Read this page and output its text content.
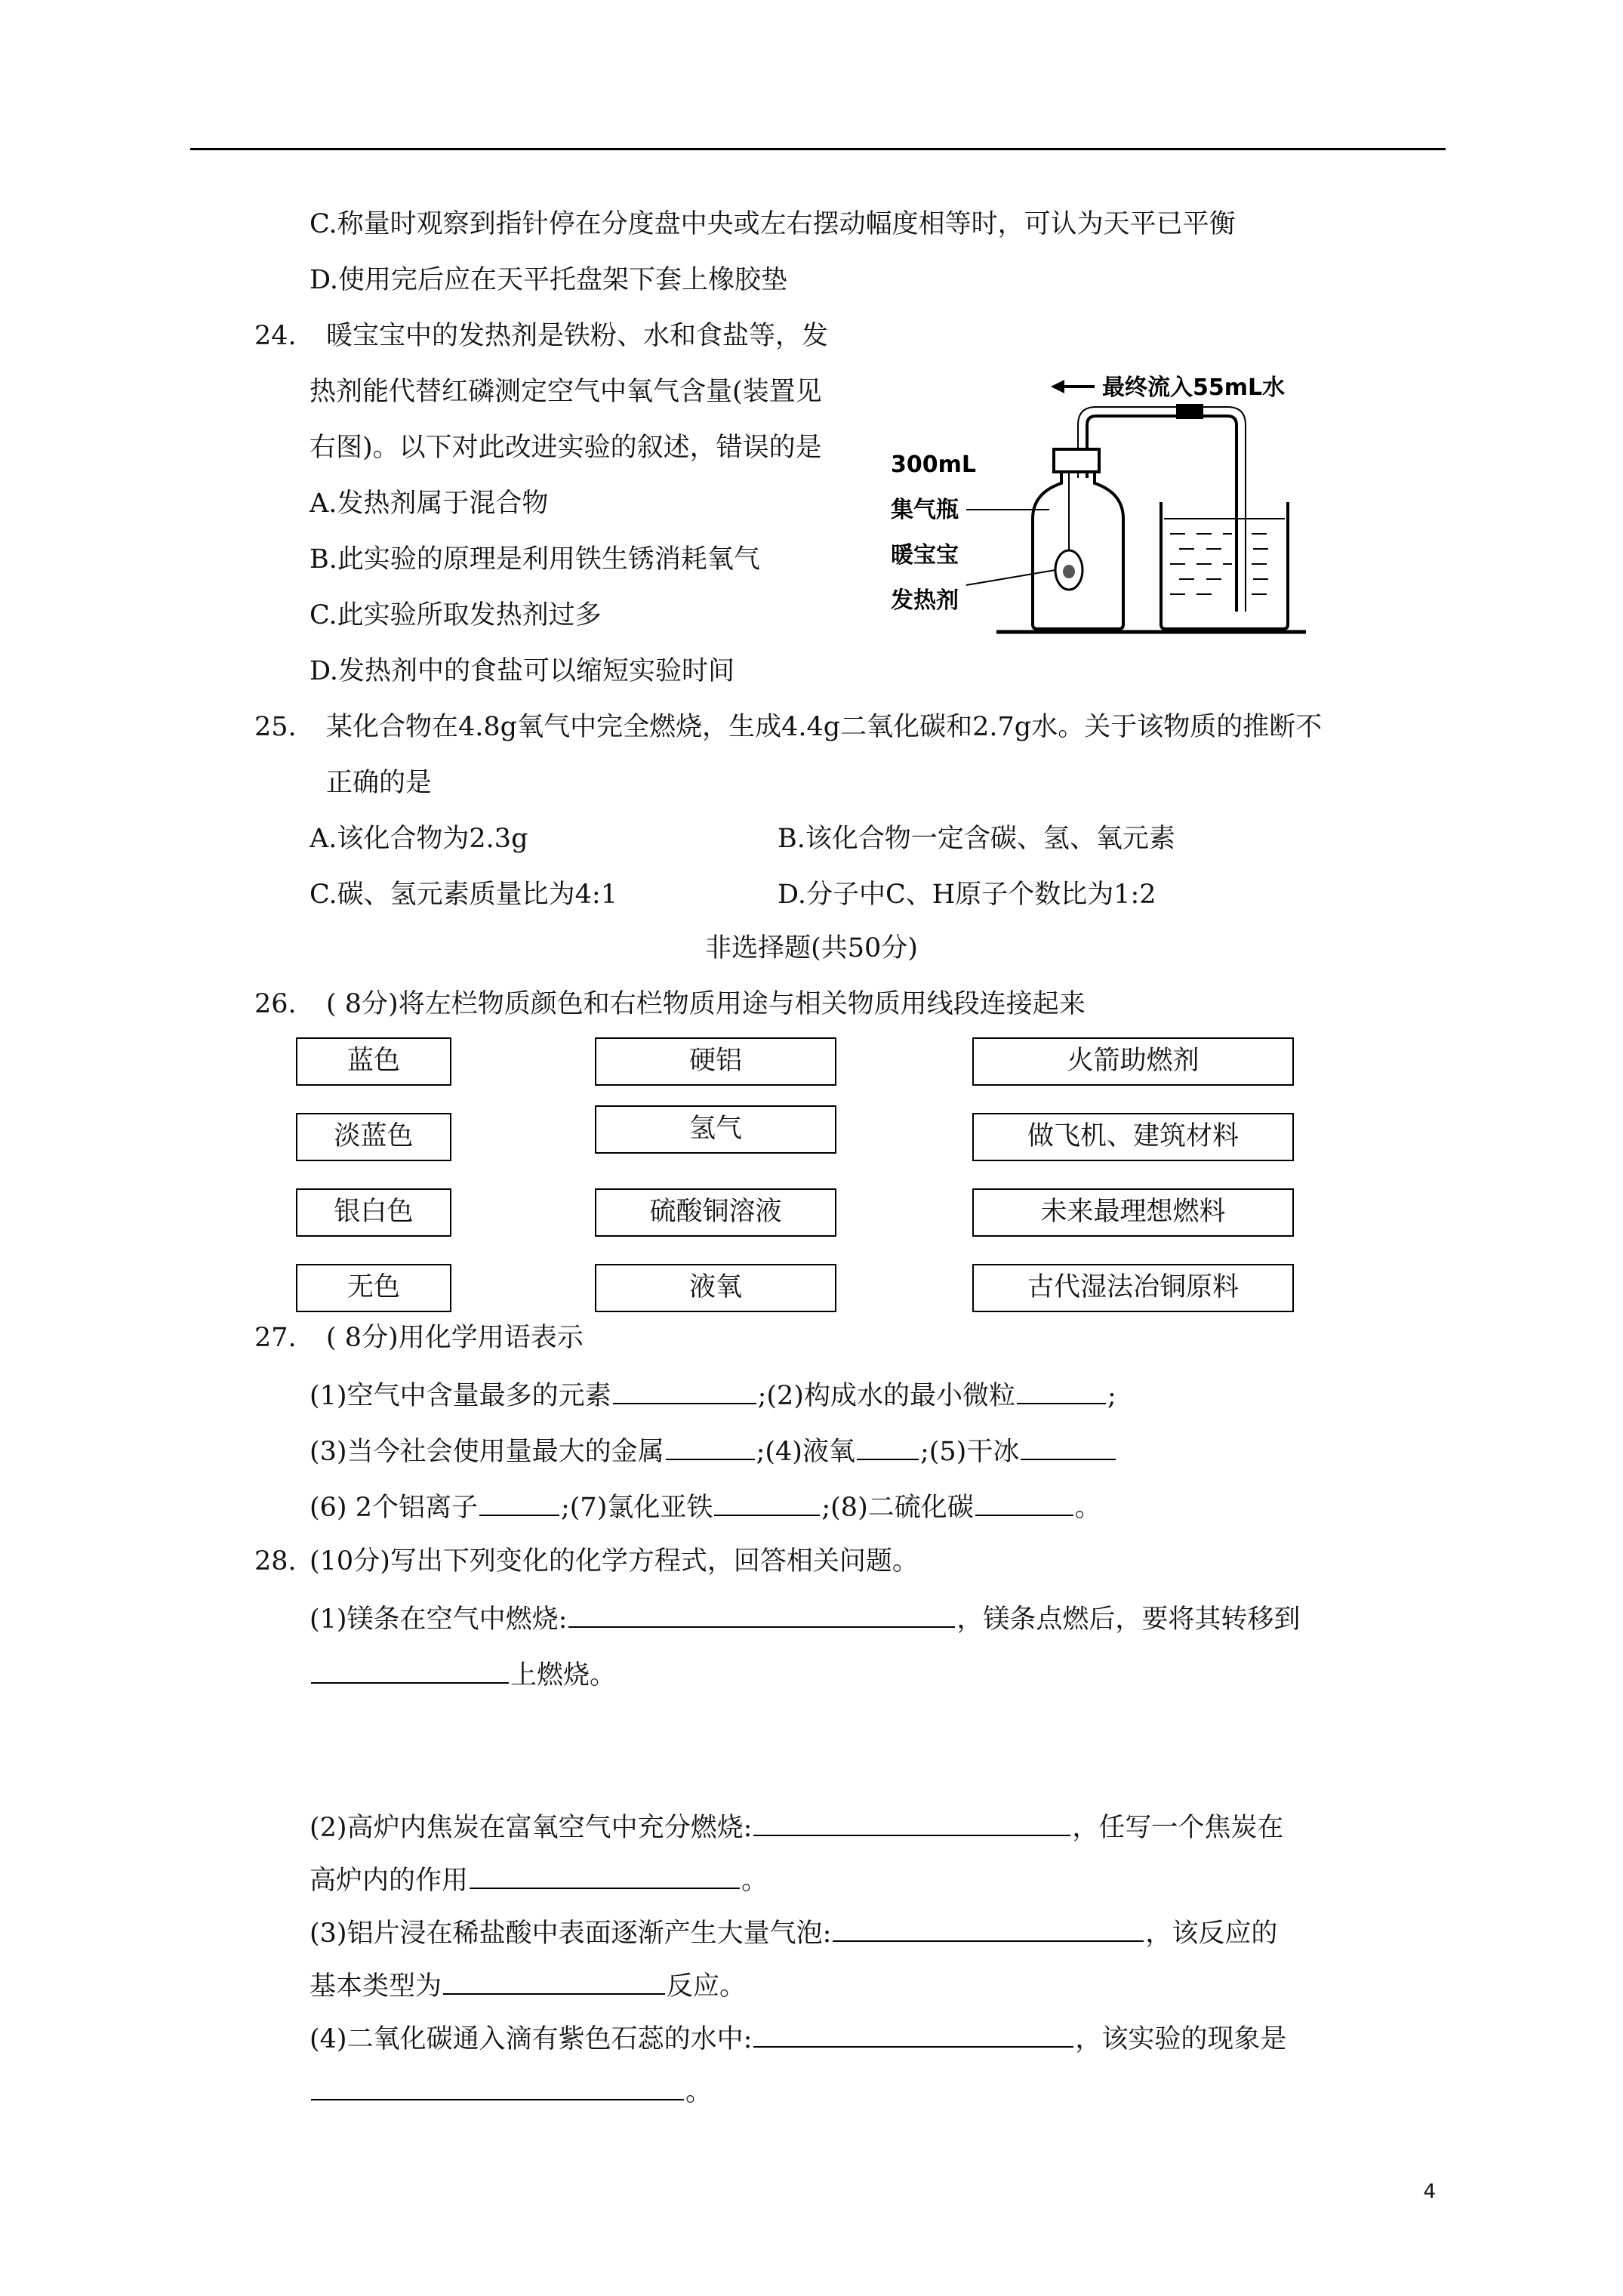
C.称量时观察到指针停在分度盘中央或左右摆动幅度相等时，可认为天平已平衡
D.使用完后应在天平托盘架下套上橡胶垫
24. 暖宝宝中的发热剂是铁粉、水和食盐等，发
热剂能代替红磷测定空气中氧气含量(装置见
右图)。以下对此改进实验的叙述，错误的是
A.发热剂属于混合物
B.此实验的原理是利用铁生锈消耗氧气
C.此实验所取发热剂过多
D.发热剂中的食盐可以缩短实验时间
最终流入55mL水
300mL
集气瓶
暖宝宝
发热剂
25. 某化合物在4.8g氧气中完全燃烧，生成4.4g二氧化碳和2.7g水。关于该物质的推断不
正确的是
A.该化合物为2.3g	B.该化合物一定含碳、氢、氧元素
C.碳、氢元素质量比为4:1	D.分子中C、H原子个数比为1:2
非选择题(共50分)
26. ( 8分)将左栏物质颜色和右栏物质用途与相关物质用线段连接起来
蓝色
淡蓝色
银白色
无色
硬铝
氢气
硫酸铜溶液
液氧
火箭助燃剂
做飞机、建筑材料
未来最理想燃料
古代湿法冶铜原料
27. ( 8分)用化学用语表示
(1)空气中含量最多的元素	;(2)构成水的最小微粒	;
(3)当今社会使用量最大的金属	;(4)液氧 ;(5)干冰
(6) 2个铝离子	;(7)氯化亚铁	;(8)二硫化碳	。
28. (10分)写出下列变化的化学方程式，回答相关问题。
(1)镁条在空气中燃烧:	，镁条点燃后，要将其转移到
上燃烧。
(2)高炉内焦炭在富氧空气中充分燃烧:	，任写一个焦炭在
高炉内的作用	。
(3)铝片浸在稀盐酸中表面逐渐产生大量气泡:	，该反应的
基本类型为	反应。
(4)二氧化碳通入滴有紫色石蕊的水中:	，该实验的现象是
。
4
